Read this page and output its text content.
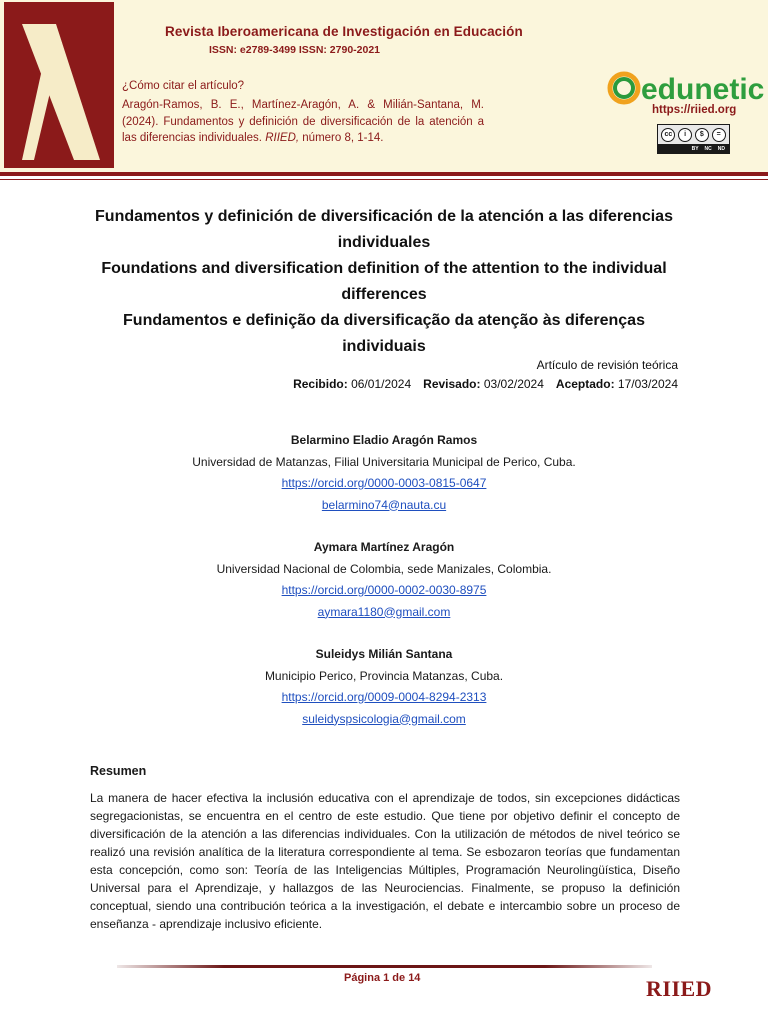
Revista Iberoamericana de Investigación en Educación
ISSN: e2789-3499 ISSN: 2790-2021
¿Cómo citar el artículo?
Aragón-Ramos, B. E., Martínez-Aragón, A. & Milián-Santana, M. (2024). Fundamentos y definición de diversificación de la atención a las diferencias individuales. RIIED, número 8, 1-14.
edunetic
https://riied.org
cc	i	$	=
BY NC ND
Fundamentos y definición de diversificación de la atención a las diferencias individuales
Foundations and diversification definition of the attention to the individual differences
Fundamentos e definição da diversificação da atenção às diferenças individuais
Artículo de revisión teórica
Recibido: 06/01/2024 Revisado: 03/02/2024 Aceptado: 17/03/2024
Belarmino Eladio Aragón Ramos
Universidad de Matanzas, Filial Universitaria Municipal de Perico, Cuba.
https://orcid.org/0000-0003-0815-0647
belarmino74@nauta.cu
Aymara Martínez Aragón
Universidad Nacional de Colombia, sede Manizales, Colombia.
https://orcid.org/0000-0002-0030-8975
aymara1180@gmail.com
Suleidys Milián Santana
Municipio Perico, Provincia Matanzas, Cuba.
https://orcid.org/0009-0004-8294-2313
suleidyspsicologia@gmail.com
Resumen
La manera de hacer efectiva la inclusión educativa con el aprendizaje de todos, sin excepciones didácticas segregacionistas, se encuentra en el centro de este estudio. Que tiene por objetivo definir el concepto de diversificación de la atención a las diferencias individuales. Con la utilización de métodos de nivel teórico se realizó una revisión analítica de la literatura correspondiente al tema. Se esbozaron teorías que fundamentan esta concepción, como son: Teoría de las Inteligencias Múltiples, Programación Neurolingüística, Diseño Universal para el Aprendizaje, y hallazgos de las Neurociencias. Finalmente, se propuso la definición conceptual, siendo una contribución teórica a la investigación, el debate e intercambio sobre un proceso de enseñanza - aprendizaje inclusivo eficiente.
Página 1 de 14	RIIED
